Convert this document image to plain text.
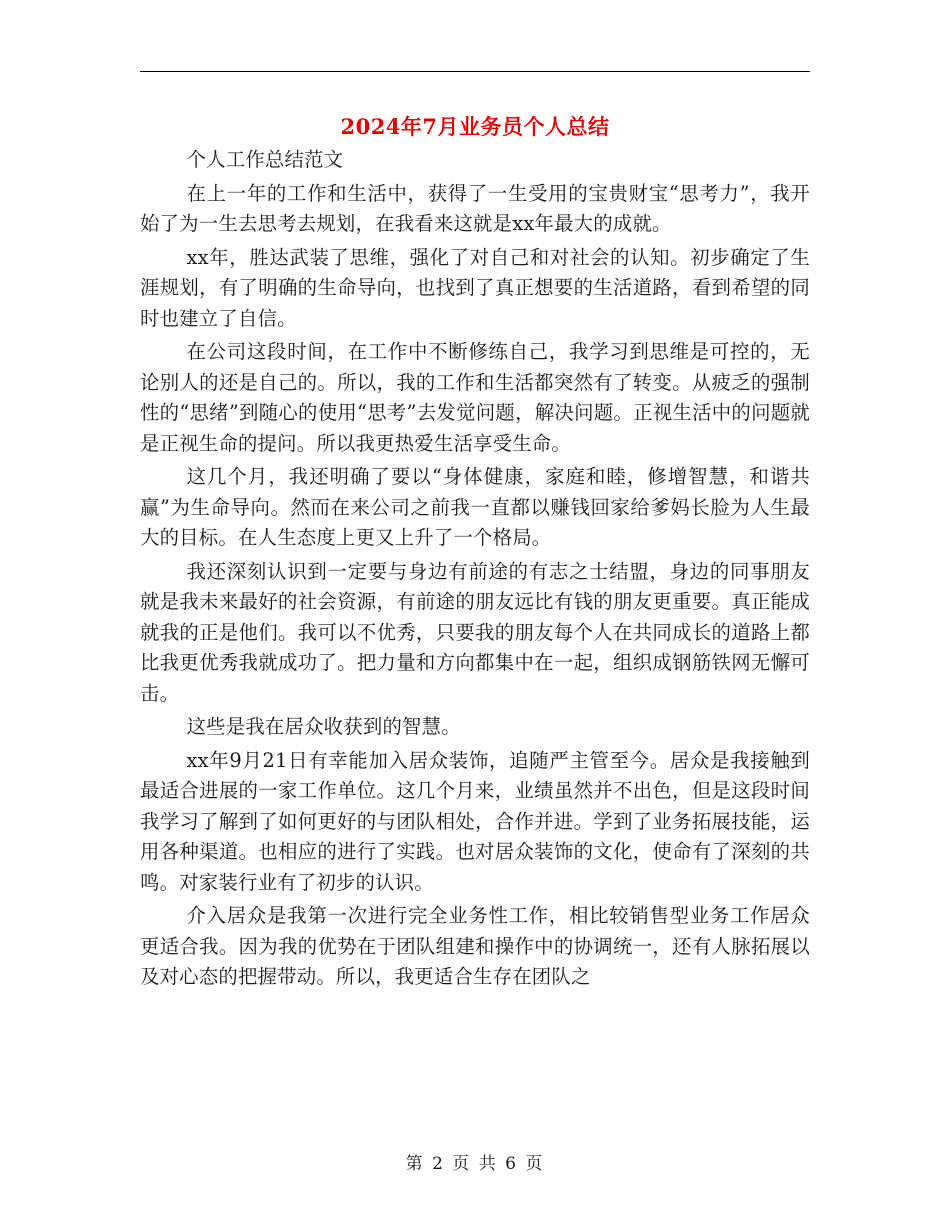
2024年7月业务员个人总结

个人工作总结范文

在上一年的工作和生活中，获得了一生受用的宝贵财宝“思考力”，我开始了为一生去思考去规划，在我看来这就是xx年最大的成就。

xx年，胜达武装了思维，强化了对自己和对社会的认知。初步确定了生涯规划，有了明确的生命导向，也找到了真正想要的生活道路，看到希望的同时也建立了自信。

在公司这段时间，在工作中不断修练自己，我学习到思维是可控的，无论别人的还是自己的。所以，我的工作和生活都突然有了转变。从疲乏的强制性的“思绪”到随心的使用“思考”去发觉问题，解决问题。正视生活中的问题就是正视生命的提问。所以我更热爱生活享受生命。

这几个月，我还明确了要以“身体健康，家庭和睦，修增智慧，和谐共赢”为生命导向。然而在来公司之前我一直都以赚钱回家给爹妈长脸为人生最大的目标。在人生态度上更又上升了一个格局。

我还深刻认识到一定要与身边有前途的有志之士结盟，身边的同事朋友就是我未来最好的社会资源，有前途的朋友远比有钱的朋友更重要。真正能成就我的正是他们。我可以不优秀，只要我的朋友每个人在共同成长的道路上都比我更优秀我就成功了。把力量和方向都集中在一起，组织成钢筋铁网无懈可击。

这些是我在居众收获到的智慧。

xx年9月21日有幸能加入居众装饰，追随严主管至今。居众是我接触到最适合进展的一家工作单位。这几个月来，业绩虽然并不出色，但是这段时间我学习了解到了如何更好的与团队相处，合作并进。学到了业务拓展技能，运用各种渠道。也相应的进行了实践。也对居众装饰的文化，使命有了深刻的共鸣。对家装行业有了初步的认识。

介入居众是我第一次进行完全业务性工作，相比较销售型业务工作居众更适合我。因为我的优势在于团队组建和操作中的协调统一，还有人脉拓展以及对心态的把握带动。所以，我更适合生存在团队之

第 2 页 共 6 页
